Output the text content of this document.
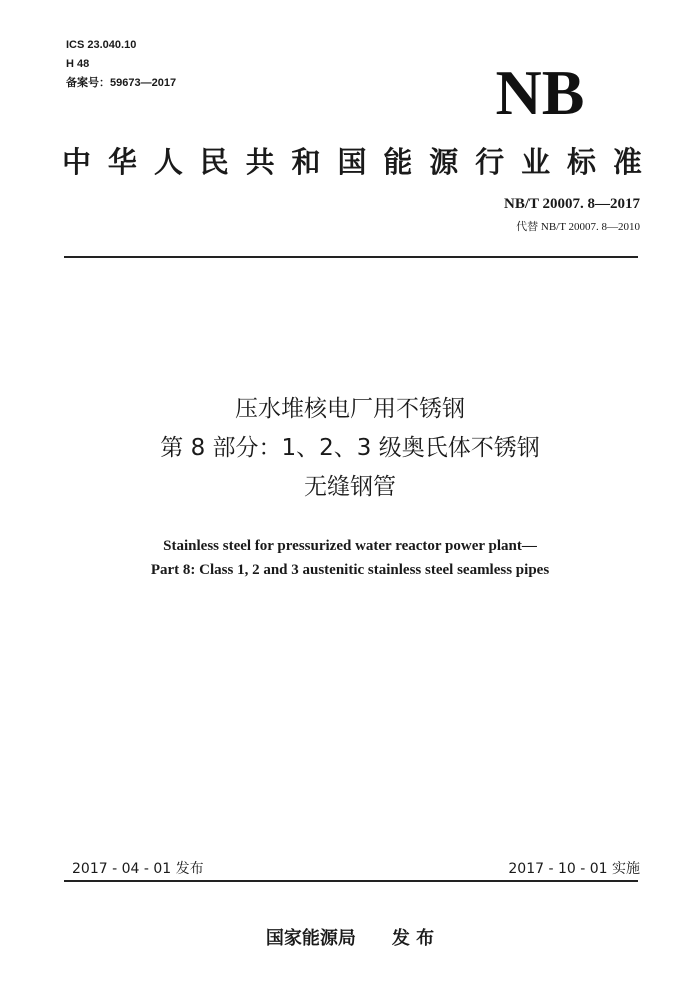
ICS 23.040.10
H 48
备案号：59673—2017	NB
中 华 人 民 共 和 国 能 源 行 业 标 准
NB/T 20007. 8—2017
代替 NB/T 20007. 8—2010
压水堆核电厂用不锈钢
第 8 部分：1、2、3 级奥氏体不锈钢
无缝钢管
Stainless steel for pressurized water reactor power plant—
Part 8: Class 1, 2 and 3 austenitic stainless steel seamless pipes
2017 - 04 - 01 发布	2017 - 10 - 01 实施
国家能源局 发 布
